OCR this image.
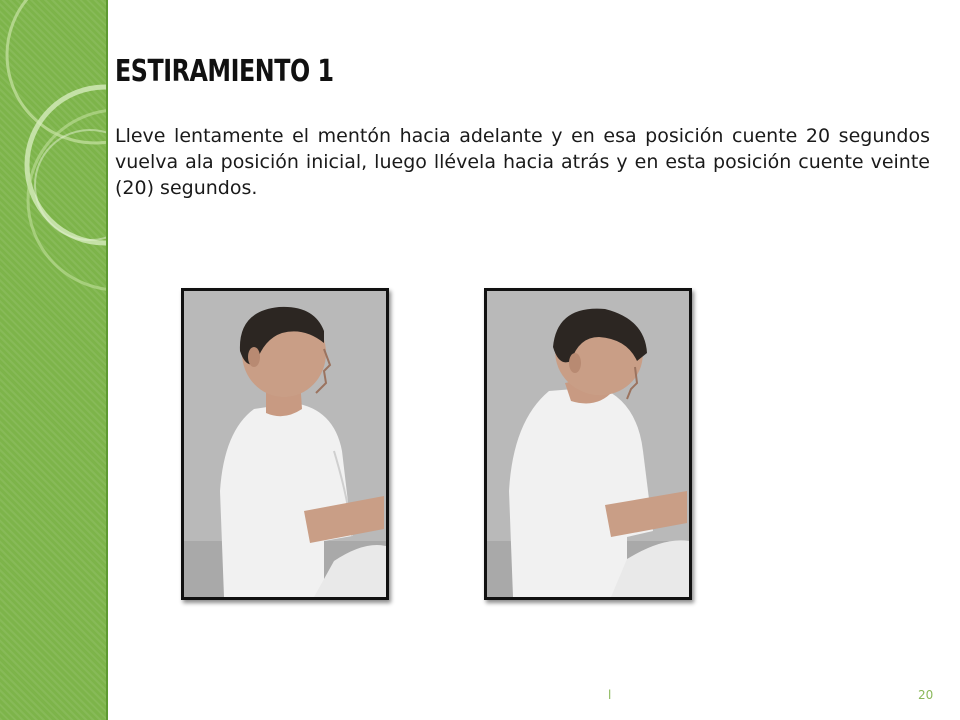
ESTIRAMIENTO 1

Lleve lentamente el mentón hacia adelante y en esa posición cuente 20 segundos vuelva ala posición inicial, luego llévela hacia atrás y en esta posición cuente veinte (20) segundos.

l	20
